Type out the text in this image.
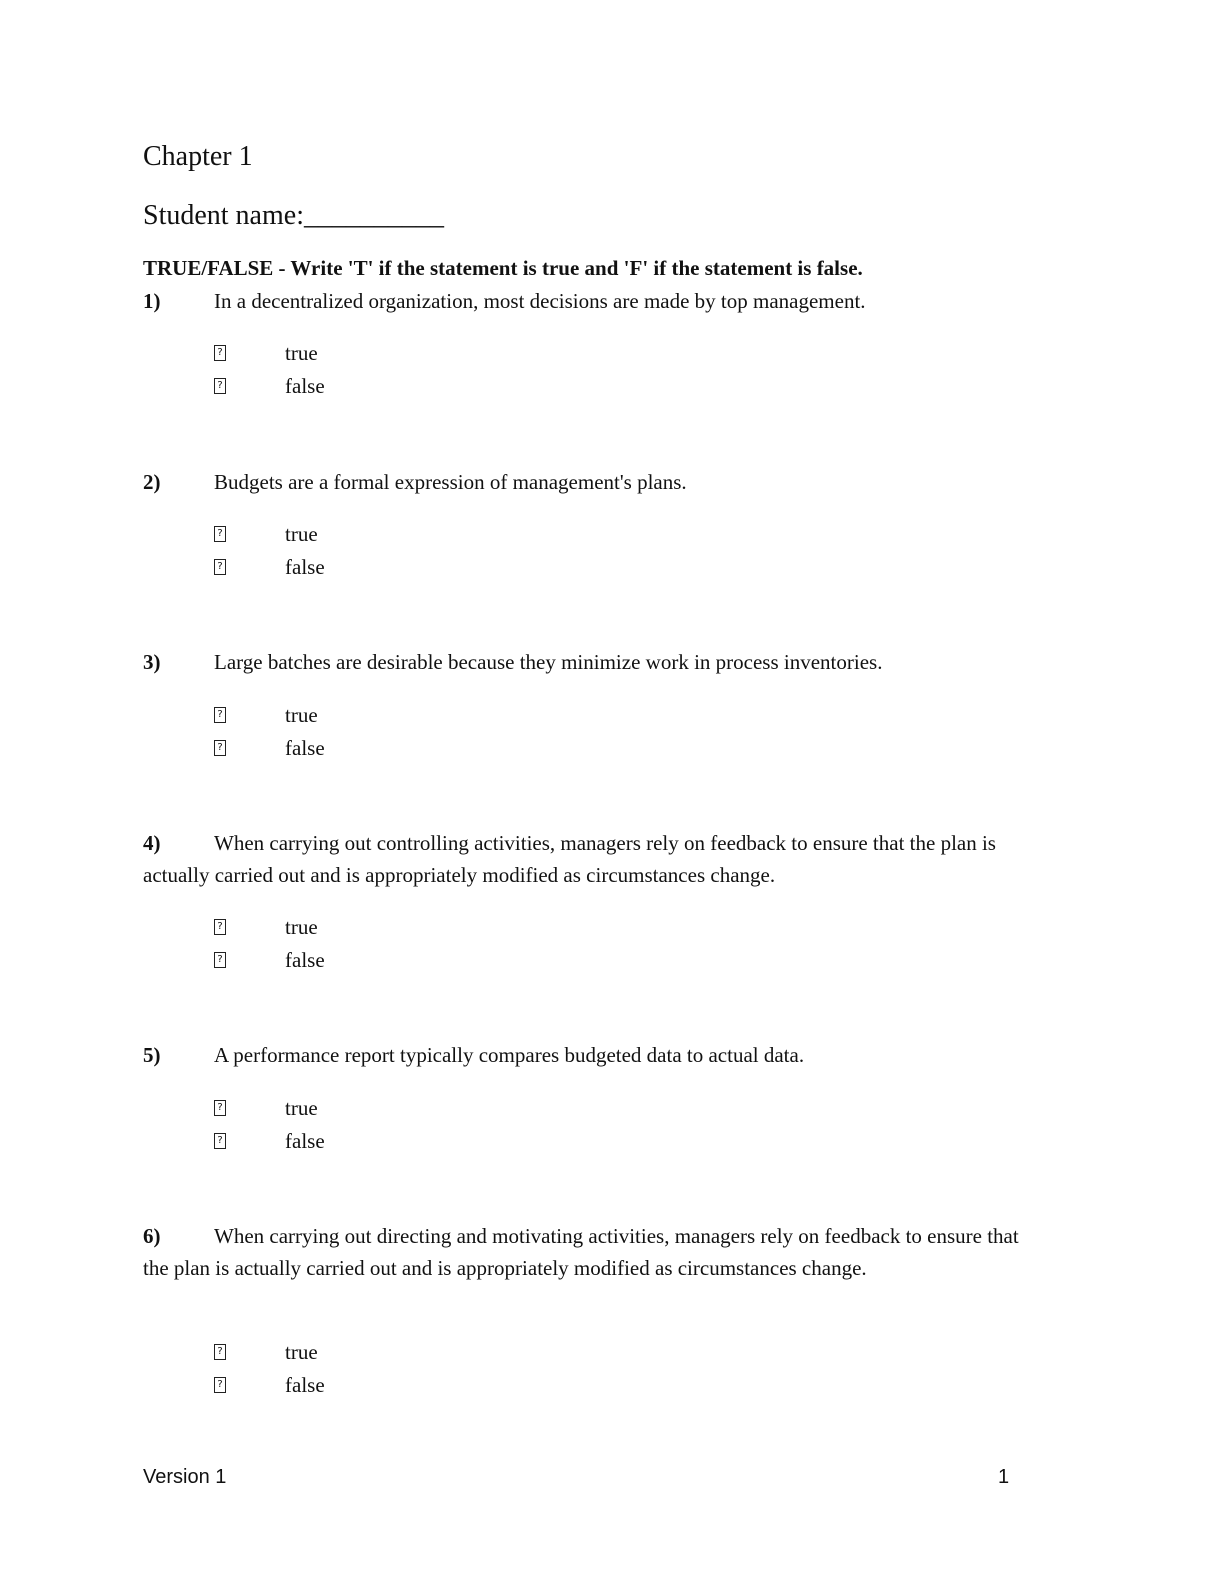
Chapter 1
Student name:__________
TRUE/FALSE - Write 'T' if the statement is true and 'F' if the statement is false.
1)	In a decentralized organization, most decisions are made by top management.
?	true
?	false
2)	Budgets are a formal expression of management's plans.
?	true
?	false
3)	Large batches are desirable because they minimize work in process inventories.
?	true
?	false
4)	When carrying out controlling activities, managers rely on feedback to ensure that the plan is actually carried out and is appropriately modified as circumstances change.
?	true
?	false
5)	A performance report typically compares budgeted data to actual data.
?	true
?	false
6)	When carrying out directing and motivating activities, managers rely on feedback to ensure that the plan is actually carried out and is appropriately modified as circumstances change.
?	true
?	false
Version 1	1
